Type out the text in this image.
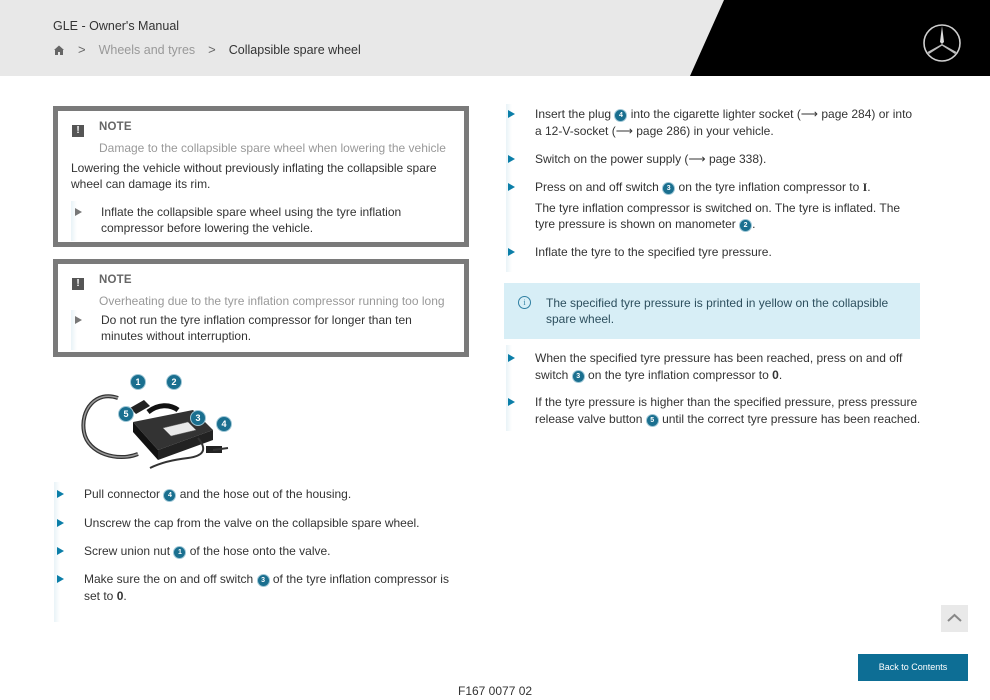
GLE - Owner's Manual
> Wheels and tyres > Collapsible spare wheel
!	NOTE
Damage to the collapsible spare wheel when lowering the vehicle
Lowering the vehicle without previously inflating the collapsible spare wheel can damage its rim.
Inflate the collapsible spare wheel using the tyre inflation
compressor before lowering the vehicle.
!	NOTE
Overheating due to the tyre inflation compressor running too long
Do not run the tyre inflation compressor for longer than ten
minutes without interruption.
1	2
3
4
5
Pull connector 4 and the hose out of the housing.
Unscrew the cap from the valve on the collapsible spare wheel.
Screw union nut 1 of the hose onto the valve.
Make sure the on and off switch 3 of the tyre inflation compressor is
set to 0.
Insert the plug 4 into the cigarette lighter socket (⟶ page 284) or into
a 12-V-socket (⟶ page 286) in your vehicle.
Switch on the power supply (⟶ page 338).
Press on and off switch 3 on the tyre inflation compressor to I.
The tyre inflation compressor is switched on. The tyre is inflated. The
tyre pressure is shown on manometer 2 .
Inflate the tyre to the specified tyre pressure.
i	The specified tyre pressure is printed in yellow on the collapsible spare wheel.
When the specified tyre pressure has been reached, press on and off
switch 3 on the tyre inflation compressor to 0.
If the tyre pressure is higher than the specified pressure, press pressure
release valve button 5 until the correct tyre pressure has been reached.
Back to Contents
F167 0077 02
